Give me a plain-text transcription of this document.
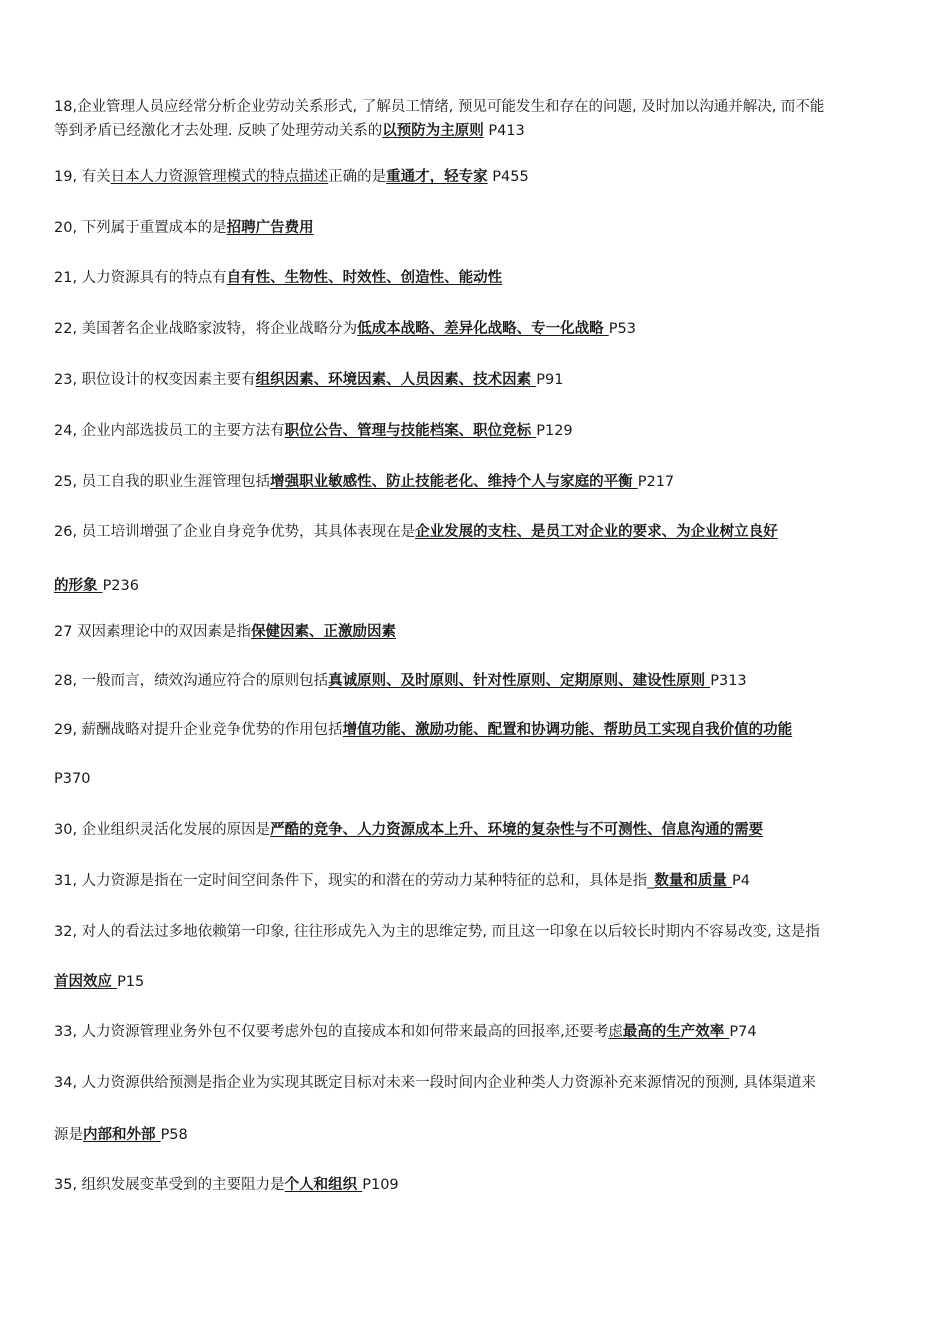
18,企业管理人员应经常分析企业劳动关系形式, 了解员工情绪, 预见可能发生和存在的问题, 及时加以沟通并解决, 而不能
等到矛盾已经激化才去处理. 反映了处理劳动关系的以预防为主原则 P413
19, 有关日本人力资源管理模式的特点描述正确的是重通才，轻专家 P455
20, 下列属于重置成本的是招聘广告费用
21, 人力资源具有的特点有自有性、生物性、时效性、创造性、能动性
22, 美国著名企业战略家波特，将企业战略分为低成本战略、差异化战略、专一化战略 P53
23, 职位设计的权变因素主要有组织因素、环境因素、人员因素、技术因素 P91
24, 企业内部选拔员工的主要方法有职位公告、管理与技能档案、职位竞标 P129
25, 员工自我的职业生涯管理包括增强职业敏感性、防止技能老化、维持个人与家庭的平衡 P217
26, 员工培训增强了企业自身竞争优势，其具体表现在是企业发展的支柱、是员工对企业的要求、为企业树立良好
的形象 P236
27 双因素理论中的双因素是指保健因素、正激励因素
28, 一般而言，绩效沟通应符合的原则包括真诚原则、及时原则、针对性原则、定期原则、建设性原则 P313
29, 薪酬战略对提升企业竞争优势的作用包括增值功能、激励功能、配置和协调功能、帮助员工实现自我价值的功能
P370
30, 企业组织灵活化发展的原因是严酷的竞争、人力资源成本上升、环境的复杂性与不可测性、信息沟通的需要
31, 人力资源是指在一定时间空间条件下，现实的和潜在的劳动力某种特征的总和，具体是指_数量和质量 P4
32, 对人的看法过多地依赖第一印象, 往往形成先入为主的思维定势, 而且这一印象在以后较长时期内不容易改变, 这是指
首因效应 P15
33, 人力资源管理业务外包不仅要考虑外包的直接成本和如何带来最高的回报率,还要考虑最高的生产效率 P74
34, 人力资源供给预测是指企业为实现其既定目标对未来一段时间内企业种类人力资源补充来源情况的预测, 具体渠道来
源是内部和外部 P58
35, 组织发展变革受到的主要阻力是个人和组织 P109
